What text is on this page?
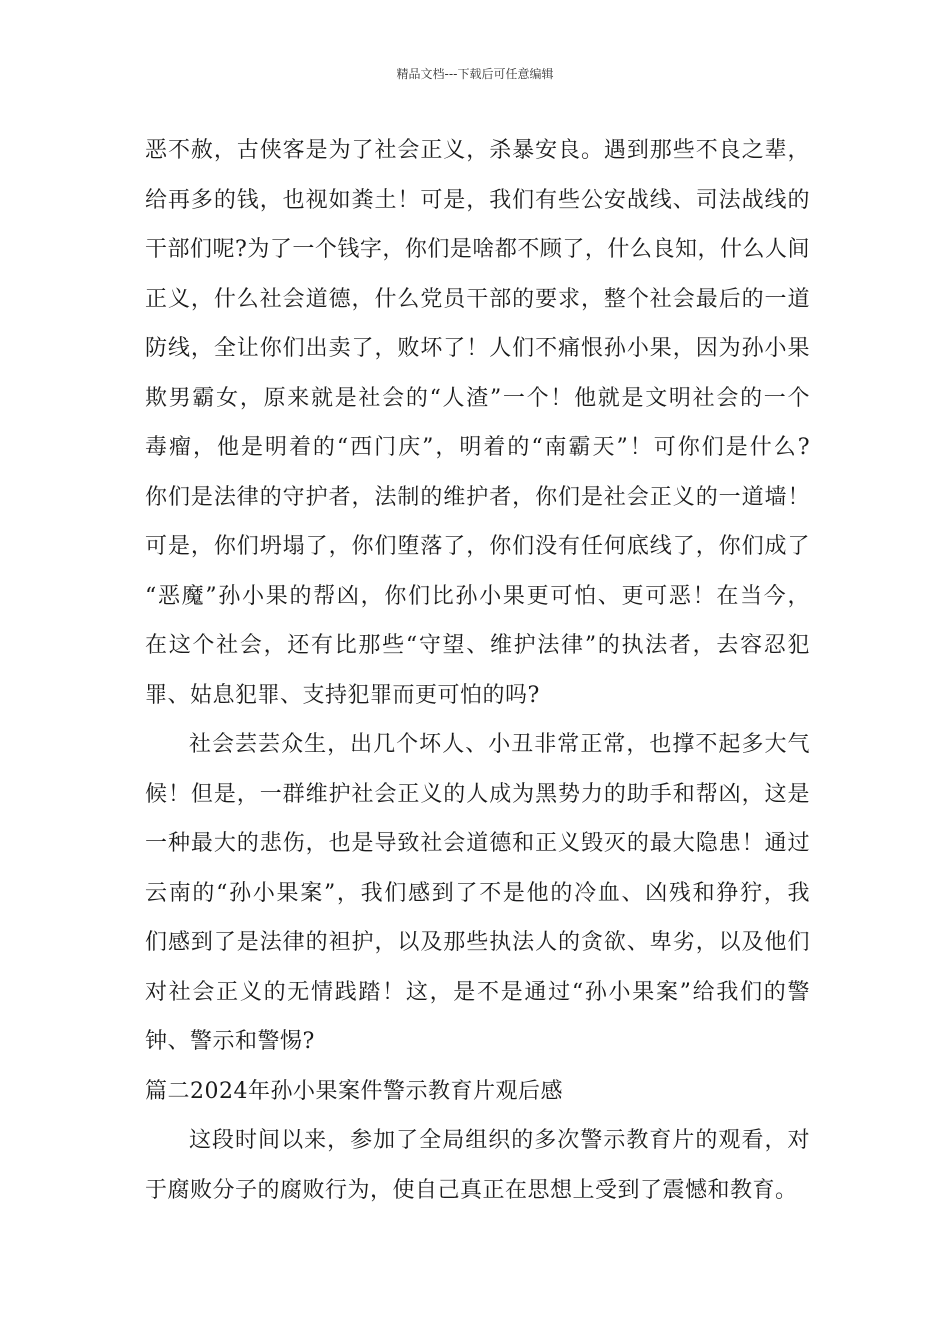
精品文档---下载后可任意编辑
恶不赦，古侠客是为了社会正义，杀暴安良。遇到那些不良之辈，
给再多的钱，也视如粪土！可是，我们有些公安战线、司法战线的
干部们呢?为了一个钱字，你们是啥都不顾了，什么良知，什么人间
正义，什么社会道德，什么党员干部的要求，整个社会最后的一道
防线，全让你们出卖了，败坏了！人们不痛恨孙小果，因为孙小果
欺男霸女，原来就是社会的“人渣”一个！他就是文明社会的一个
毒瘤，他是明着的“西门庆”，明着的“南霸天”！可你们是什么?
你们是法律的守护者，法制的维护者，你们是社会正义的一道墙！
可是，你们坍塌了，你们堕落了，你们没有任何底线了，你们成了
“恶魔”孙小果的帮凶，你们比孙小果更可怕、更可恶！在当今，
在这个社会，还有比那些“守望、维护法律”的执法者，去容忍犯
罪、姑息犯罪、支持犯罪而更可怕的吗?
社会芸芸众生，出几个坏人、小丑非常正常，也撑不起多大气
候！但是，一群维护社会正义的人成为黑势力的助手和帮凶，这是
一种最大的悲伤，也是导致社会道德和正义毁灭的最大隐患！通过
云南的“孙小果案”，我们感到了不是他的冷血、凶残和狰狞，我
们感到了是法律的袒护，以及那些执法人的贪欲、卑劣，以及他们
对社会正义的无情践踏！这，是不是通过“孙小果案”给我们的警
钟、警示和警惕?
篇二2024年孙小果案件警示教育片观后感
这段时间以来，参加了全局组织的多次警示教育片的观看，对
于腐败分子的腐败行为，使自己真正在思想上受到了震憾和教育。
